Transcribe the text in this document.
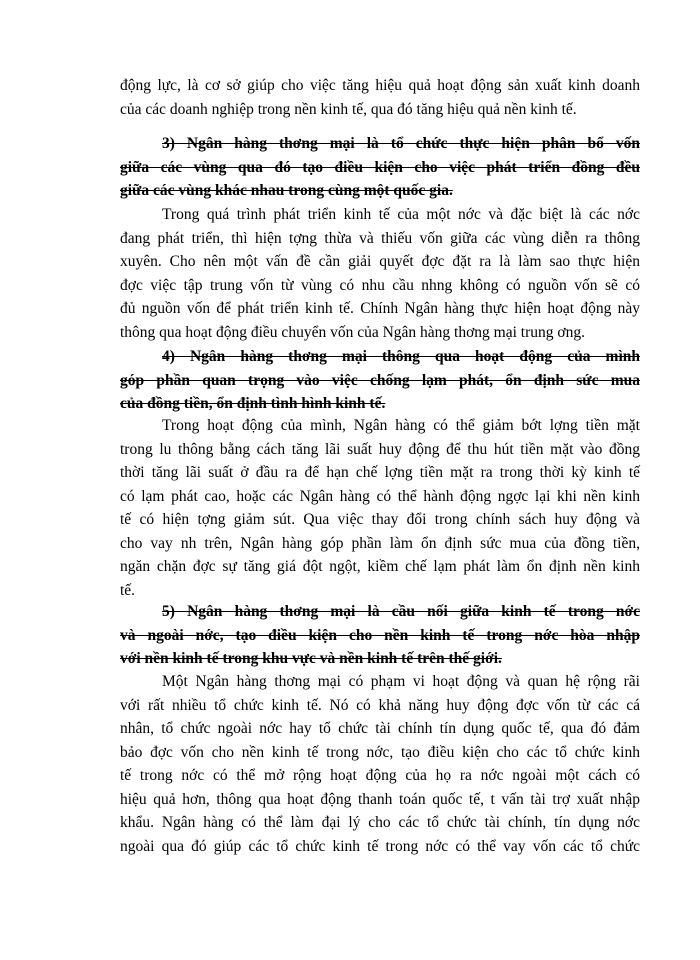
động lực, là cơ sở giúp cho việc tăng hiệu quả hoạt động sản xuất kinh doanh
của các doanh nghiệp trong nền kinh tế, qua đó tăng hiệu quả nền kinh tế.
3) Ngân hàng thơng mại là tổ chức thực hiện phân bổ vốn
giữa các vùng qua đó tạo điều kiện cho việc phát triển đồng đều
giữa các vùng khác nhau trong cùng một quốc gia.
Trong quá trình phát triển kinh tế của một nớc và đặc biệt là các nớc
đang phát triển, thì hiện tợng thừa và thiếu vốn giữa các vùng diễn ra thông
xuyên. Cho nên một vấn đề cần giải quyết đợc đặt ra là làm sao thực hiện
đợc việc tập trung vốn từ vùng có nhu cầu nhng không có nguồn vốn sẽ có
đủ nguồn vốn để phát triển kinh tế. Chính Ngân hàng thực hiện hoạt động này
thông qua hoạt động điều chuyển vốn của Ngân hàng thơng mại trung ơng.
4) Ngân hàng thơng mại thông qua hoạt động của mình
góp phần quan trọng vào việc chống lạm phát, ổn định sức mua
của đồng tiền, ổn định tình hình kinh tế.
Trong hoạt động của mình, Ngân hàng có thể giảm bớt lợng tiền mặt
trong lu thông bằng cách tăng lãi suất huy động để thu hút tiền mặt vào đồng
thời tăng lãi suất ở đầu ra để hạn chế lợng tiền mặt ra trong thời kỳ kinh tế
có lạm phát cao, hoặc các Ngân hàng có thể hành động ngợc lại khi nền kinh
tế có hiện tợng giảm sút. Qua việc thay đổi trong chính sách huy động và
cho vay nh trên, Ngân hàng góp phần làm ổn định sức mua của đồng tiền,
ngăn chặn đợc sự tăng giá đột ngột, kiềm chế lạm phát làm ổn định nền kinh
tế.
5) Ngân hàng thơng mại là cầu nối giữa kinh tế trong nớc
và ngoài nớc, tạo điều kiện cho nền kinh tế trong nớc hòa nhập
với nền kinh tế trong khu vực và nền kinh tế trên thế giới.
Một Ngân hàng thơng mại có phạm vi hoạt động và quan hệ rộng rãi
với rất nhiều tổ chức kinh tế. Nó có khả năng huy động đợc vốn từ các cá
nhân, tổ chức ngoài nớc hay tổ chức tài chính tín dụng quốc tế, qua đó đảm
bảo đợc vốn cho nền kinh tế trong nớc, tạo điều kiện cho các tổ chức kinh
tế trong nớc có thể mở rộng hoạt động của họ ra nớc ngoài một cách có
hiệu quả hơn, thông qua hoạt động thanh toán quốc tế, t vấn tài trợ xuất nhập
khẩu. Ngân hàng có thể làm đại lý cho các tổ chức tài chính, tín dụng nớc
ngoài qua đó giúp các tổ chức kinh tế trong nớc có thể vay vốn các tổ chức
